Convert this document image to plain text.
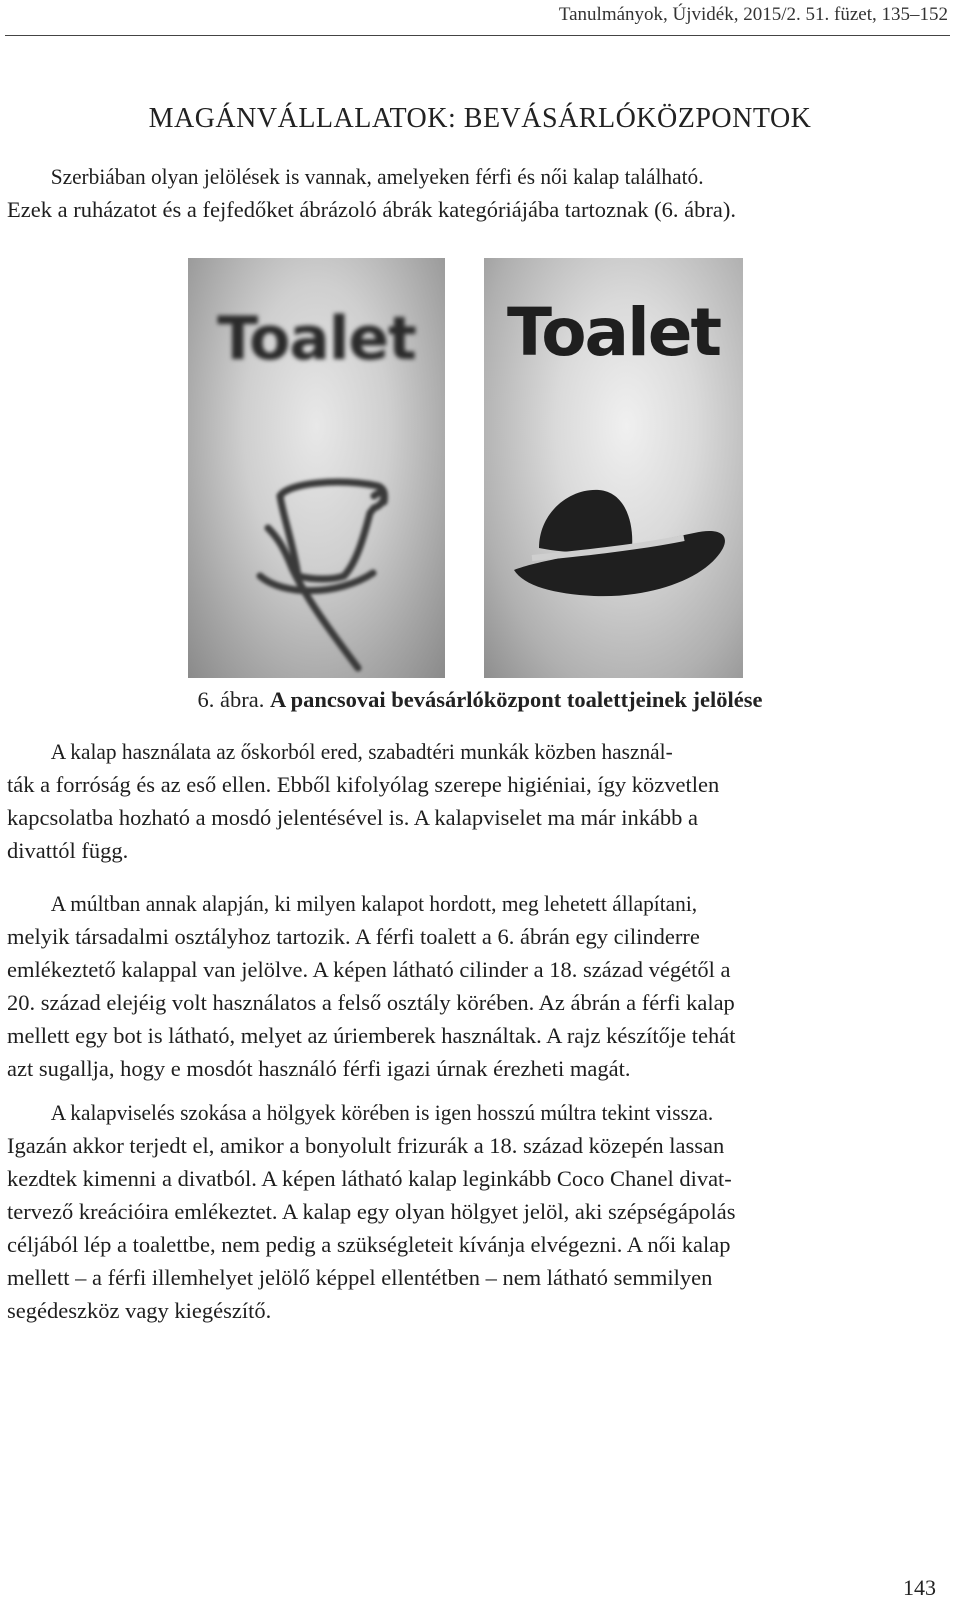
Tanulmányok, Újvidék, 2015/2. 51. füzet, 135–152
MAGÁNVÁLLALATOK: BEVÁSÁRLÓKÖZPONTOK

Szerbiában olyan jelölések is vannak, amelyeken férfi és női kalap található.
Ezek a ruházatot és a fejfedőket ábrázoló ábrák kategóriájába tartoznak (6. ábra).

Toalet	Toalet
6. ábra. A pancsovai bevásárlóközpont toalettjeinek jelölése

A kalap használata az őskorból ered, szabadtéri munkák közben használ-
ták a forróság és az eső ellen. Ebből kifolyólag szerepe higiéniai, így közvetlen
kapcsolatba hozható a mosdó jelentésével is. A kalapviselet ma már inkább a
divattól függ.

A múltban annak alapján, ki milyen kalapot hordott, meg lehetett állapítani,
melyik társadalmi osztályhoz tartozik. A férfi toalett a 6. ábrán egy cilinderre
emlékeztető kalappal van jelölve. A képen látható cilinder a 18. század végétől a
20. század elejéig volt használatos a felső osztály körében. Az ábrán a férfi kalap
mellett egy bot is látható, melyet az úriemberek használtak. A rajz készítője tehát
azt sugallja, hogy e mosdót használó férfi igazi úrnak érezheti magát.

A kalapviselés szokása a hölgyek körében is igen hosszú múltra tekint vissza.
Igazán akkor terjedt el, amikor a bonyolult frizurák a 18. század közepén lassan
kezdtek kimenni a divatból. A képen látható kalap leginkább Coco Chanel divat-
tervező kreációira emlékeztet. A kalap egy olyan hölgyet jelöl, aki szépségápolás
céljából lép a toalettbe, nem pedig a szükségleteit kívánja elvégezni. A női kalap
mellett – a férfi illemhelyet jelölő képpel ellentétben – nem látható semmilyen
segédeszköz vagy kiegészítő.

143
